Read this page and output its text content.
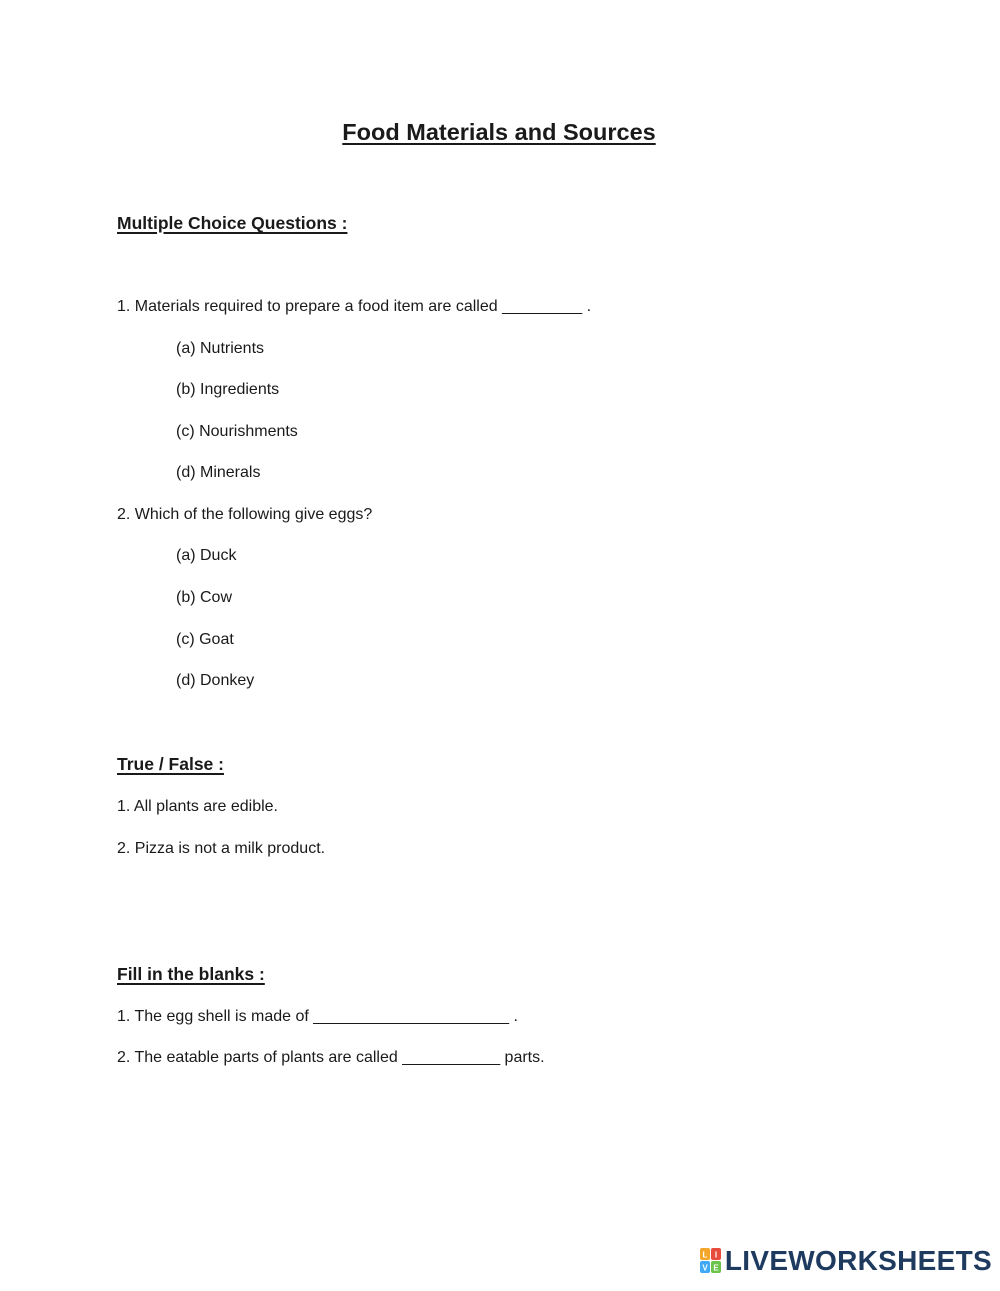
Food Materials and Sources
Multiple Choice Questions :
1. Materials required to prepare a food item are called _________ .
(a) Nutrients
(b) Ingredients
(c) Nourishments
(d) Minerals
2. Which of the following give eggs?
(a) Duck
(b) Cow
(c) Goat
(d) Donkey
True / False :
1. All plants are edible.
2. Pizza is not a milk product.
Fill in the blanks :
1. The egg shell is made of ______________________ .
2. The eatable parts of plants are called ___________ parts.
L I
V E LIVEWORKSHEETS
